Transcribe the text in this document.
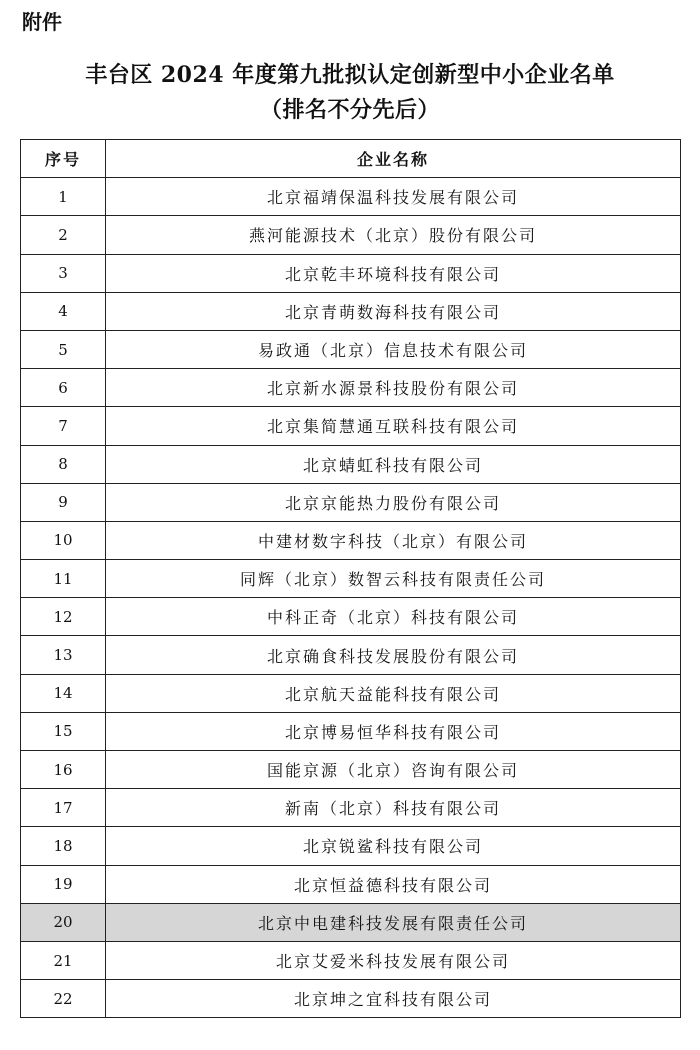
附件
丰台区 2024 年度第九批拟认定创新型中小企业名单
（排名不分先后）
序号	企业名称
1	北京福靖保温科技发展有限公司
2	燕河能源技术（北京）股份有限公司
3	北京乾丰环境科技有限公司
4	北京青萌数海科技有限公司
5	易政通（北京）信息技术有限公司
6	北京新水源景科技股份有限公司
7	北京集简慧通互联科技有限公司
8	北京蜻虹科技有限公司
9	北京京能热力股份有限公司
10	中建材数字科技（北京）有限公司
11	同辉（北京）数智云科技有限责任公司
12	中科正奇（北京）科技有限公司
13	北京确食科技发展股份有限公司
14	北京航天益能科技有限公司
15	北京博易恒华科技有限公司
16	国能京源（北京）咨询有限公司
17	新南（北京）科技有限公司
18	北京锐鲨科技有限公司
19	北京恒益德科技有限公司
20	北京中电建科技发展有限责任公司
21	北京艾爱米科技发展有限公司
22	北京坤之宜科技有限公司
